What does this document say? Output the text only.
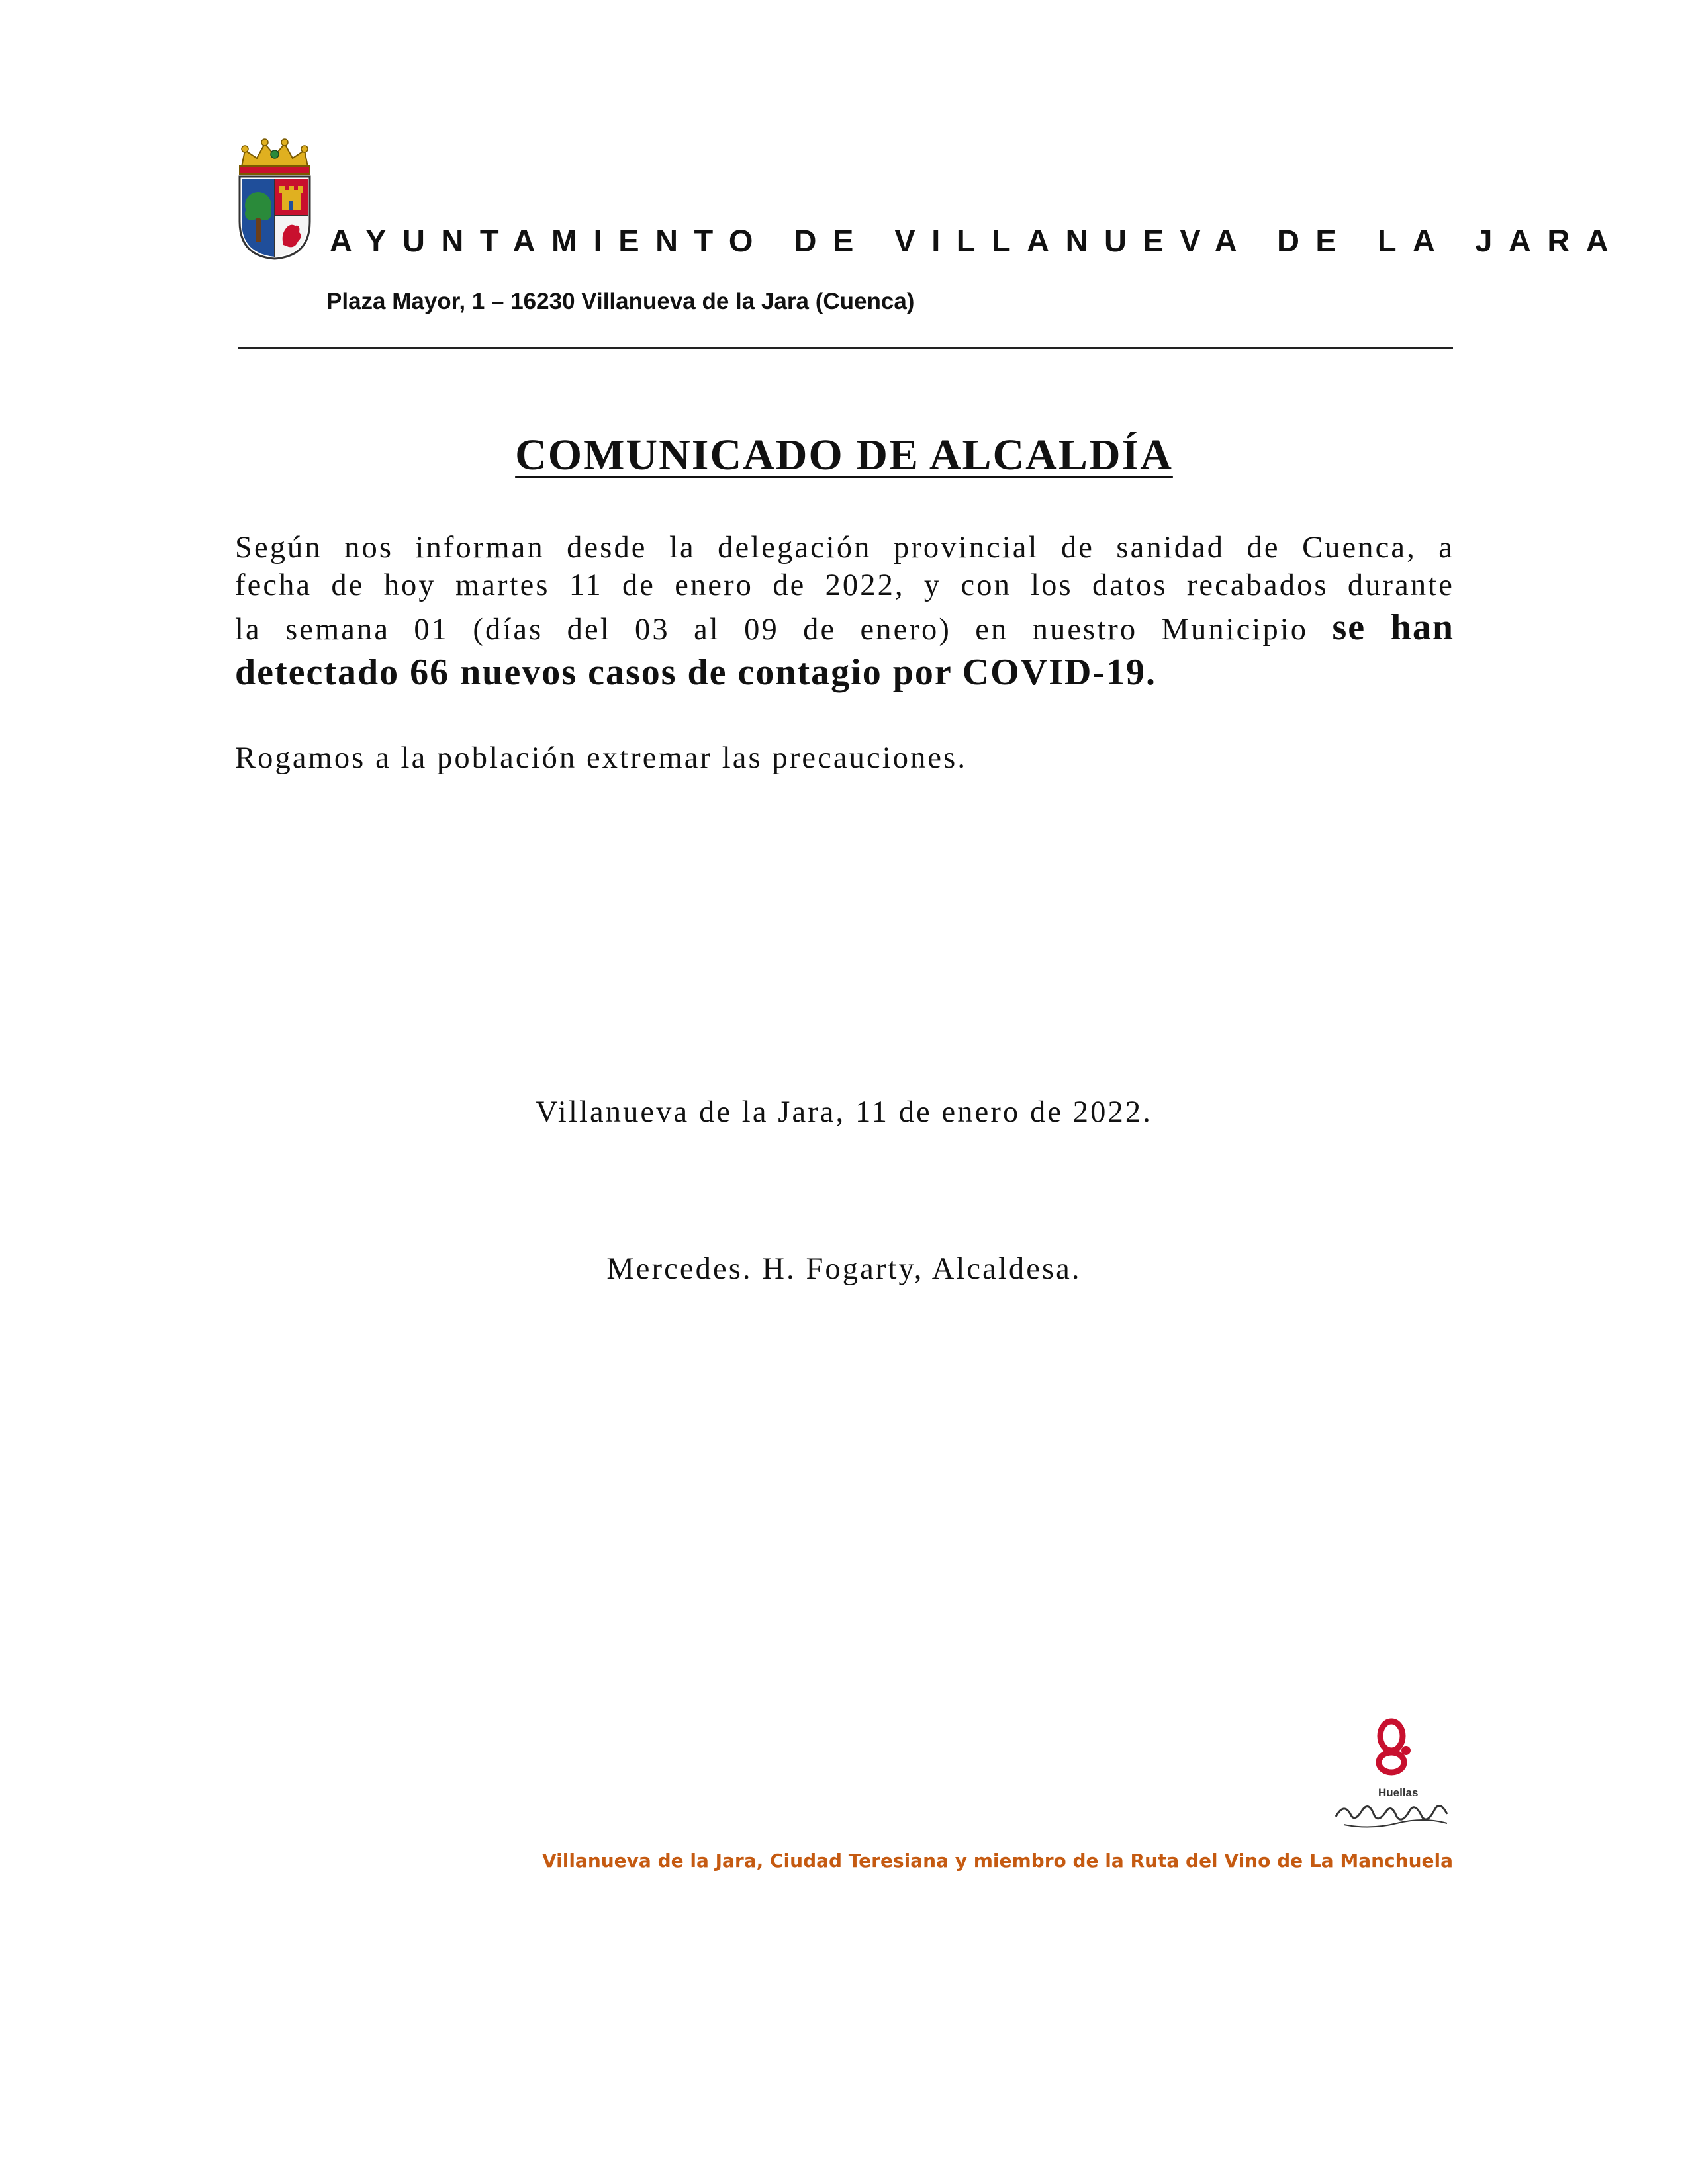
AYUNTAMIENTO DE VILLANUEVA DE LA JARA
Plaza Mayor, 1 – 16230 Villanueva de la Jara (Cuenca)
COMUNICADO DE ALCALDÍA
Según nos informan desde la delegación provincial de sanidad de Cuenca, a
fecha de hoy martes 11 de enero de 2022, y con los datos recabados durante
la semana 01 (días del 03 al 09 de enero) en nuestro Municipio se han
detectado 66 nuevos casos de contagio por COVID-19.
Rogamos a la población extremar las precauciones.
Villanueva de la Jara, 11 de enero de 2022.
Mercedes. H. Fogarty, Alcaldesa.
Huellas
Villanueva de la Jara, Ciudad Teresiana y miembro de la Ruta del Vino de La Manchuela
